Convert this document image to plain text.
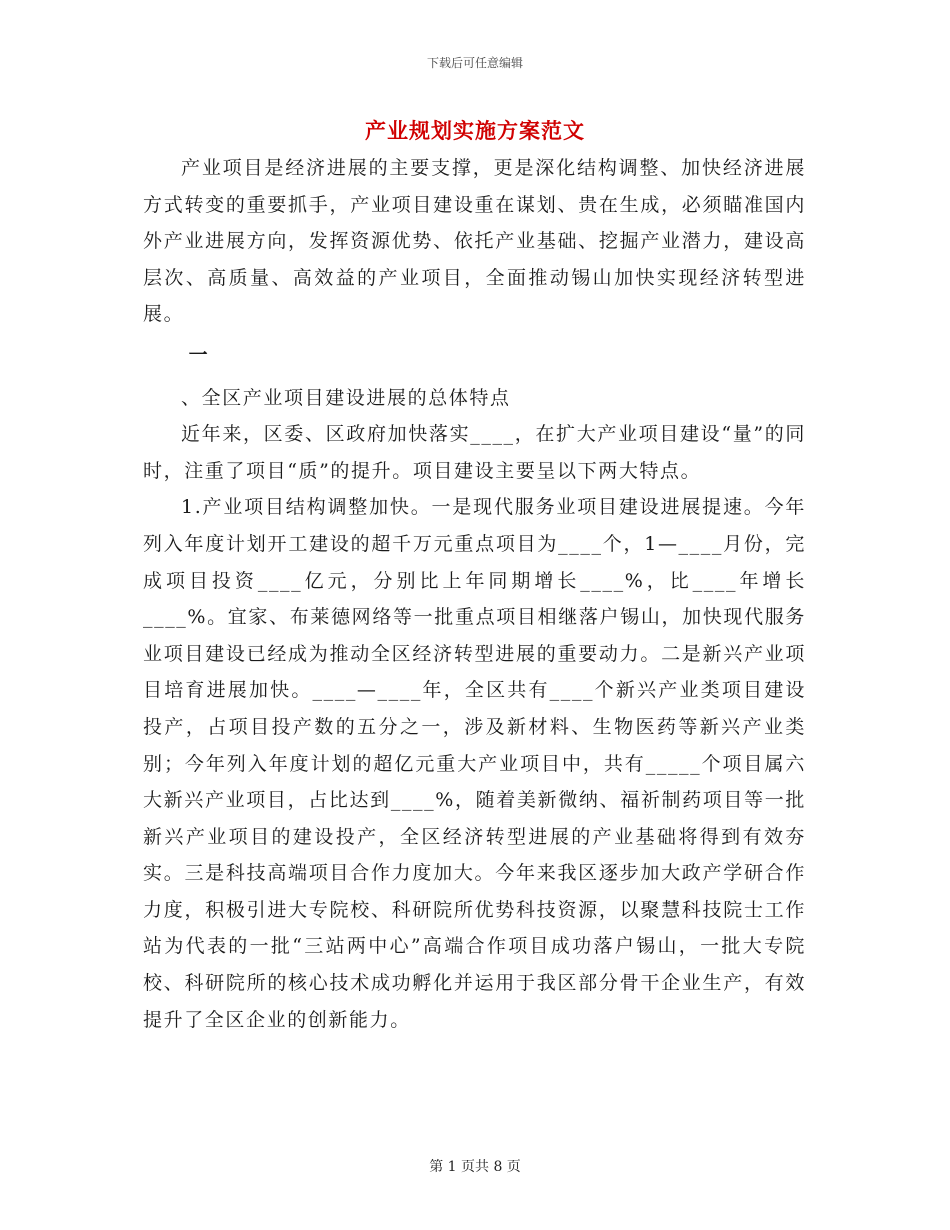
下载后可任意编辑
产业规划实施方案范文

产业项目是经济进展的主要支撑，更是深化结构调整、加快经济进展方式转变的重要抓手，产业项目建设重在谋划、贵在生成，必须瞄准国内外产业进展方向，发挥资源优势、依托产业基础、挖掘产业潜力，建设高层次、高质量、高效益的产业项目，全面推动锡山加快实现经济转型进展。

一

、全区产业项目建设进展的总体特点

近年来，区委、区政府加快落实____，在扩大产业项目建设“量”的同时，注重了项目“质”的提升。项目建设主要呈以下两大特点。

1.产业项目结构调整加快。一是现代服务业项目建设进展提速。今年列入年度计划开工建设的超千万元重点项目为____个，1—____月份，完成项目投资____亿元，分别比上年同期增长____%，比____年增长____%。宜家、布莱德网络等一批重点项目相继落户锡山，加快现代服务业项目建设已经成为推动全区经济转型进展的重要动力。二是新兴产业项目培育进展加快。____—____年，全区共有____个新兴产业类项目建设投产，占项目投产数的五分之一，涉及新材料、生物医药等新兴产业类别；今年列入年度计划的超亿元重大产业项目中，共有_____个项目属六大新兴产业项目，占比达到____%，随着美新微纳、福祈制药项目等一批新兴产业项目的建设投产，全区经济转型进展的产业基础将得到有效夯实。三是科技高端项目合作力度加大。今年来我区逐步加大政产学研合作力度，积极引进大专院校、科研院所优势科技资源，以聚慧科技院士工作站为代表的一批“三站两中心”高端合作项目成功落户锡山，一批大专院校、科研院所的核心技术成功孵化并运用于我区部分骨干企业生产，有效提升了全区企业的创新能力。

第 1 页共 8 页
